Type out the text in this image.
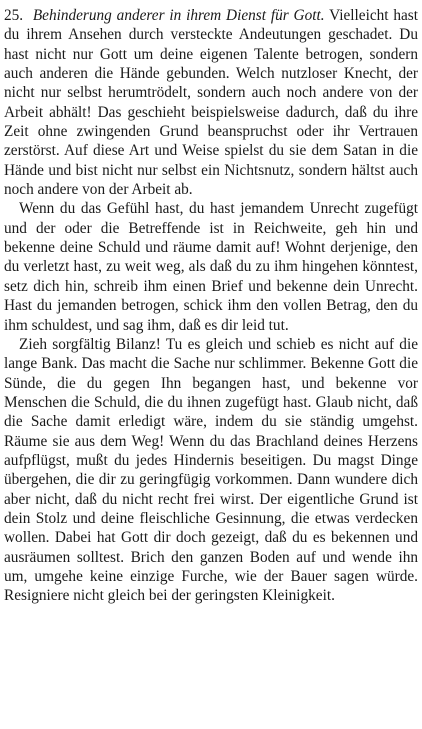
25. Behinderung anderer in ihrem Dienst für Gott. Vielleicht hast du ihrem Ansehen durch versteckte Andeutungen geschadet. Du hast nicht nur Gott um deine eigenen Talente betrogen, sondern auch anderen die Hände gebunden. Welch nutzloser Knecht, der nicht nur selbst herumtrödelt, sondern auch noch andere von der Arbeit abhält! Das geschieht beispielsweise dadurch, daß du ihre Zeit ohne zwingenden Grund beanspruchst oder ihr Vertrauen zerstörst. Auf diese Art und Weise spielst du sie dem Satan in die Hände und bist nicht nur selbst ein Nichtsnutz, sondern hältst auch noch andere von der Arbeit ab.

Wenn du das Gefühl hast, du hast jemandem Unrecht zugefügt und der oder die Betreffende ist in Reichweite, geh hin und bekenne deine Schuld und räume damit auf! Wohnt derjenige, den du verletzt hast, zu weit weg, als daß du zu ihm hingehen könntest, setz dich hin, schreib ihm einen Brief und bekenne dein Unrecht. Hast du jemanden betrogen, schick ihm den vollen Betrag, den du ihm schuldest, und sag ihm, daß es dir leid tut.

Zieh sorgfältig Bilanz! Tu es gleich und schieb es nicht auf die lange Bank. Das macht die Sache nur schlimmer. Bekenne Gott die Sünde, die du gegen Ihn begangen hast, und bekenne vor Menschen die Schuld, die du ihnen zugefügt hast. Glaub nicht, daß die Sache damit erledigt wäre, indem du sie ständig umgehst. Räume sie aus dem Weg! Wenn du das Brachland deines Herzens aufpflügst, mußt du jedes Hindernis beseitigen. Du magst Dinge übergehen, die dir zu geringfügig vorkommen. Dann wundere dich aber nicht, daß du nicht recht frei wirst. Der eigentliche Grund ist dein Stolz und deine fleischliche Gesinnung, die etwas verdecken wollen. Dabei hat Gott dir doch gezeigt, daß du es bekennen und ausräumen solltest. Brich den ganzen Boden auf und wende ihn um, umgehe keine einzige Furche, wie der Bauer sagen würde. Resigniere nicht gleich bei der geringsten Kleinigkeit.
